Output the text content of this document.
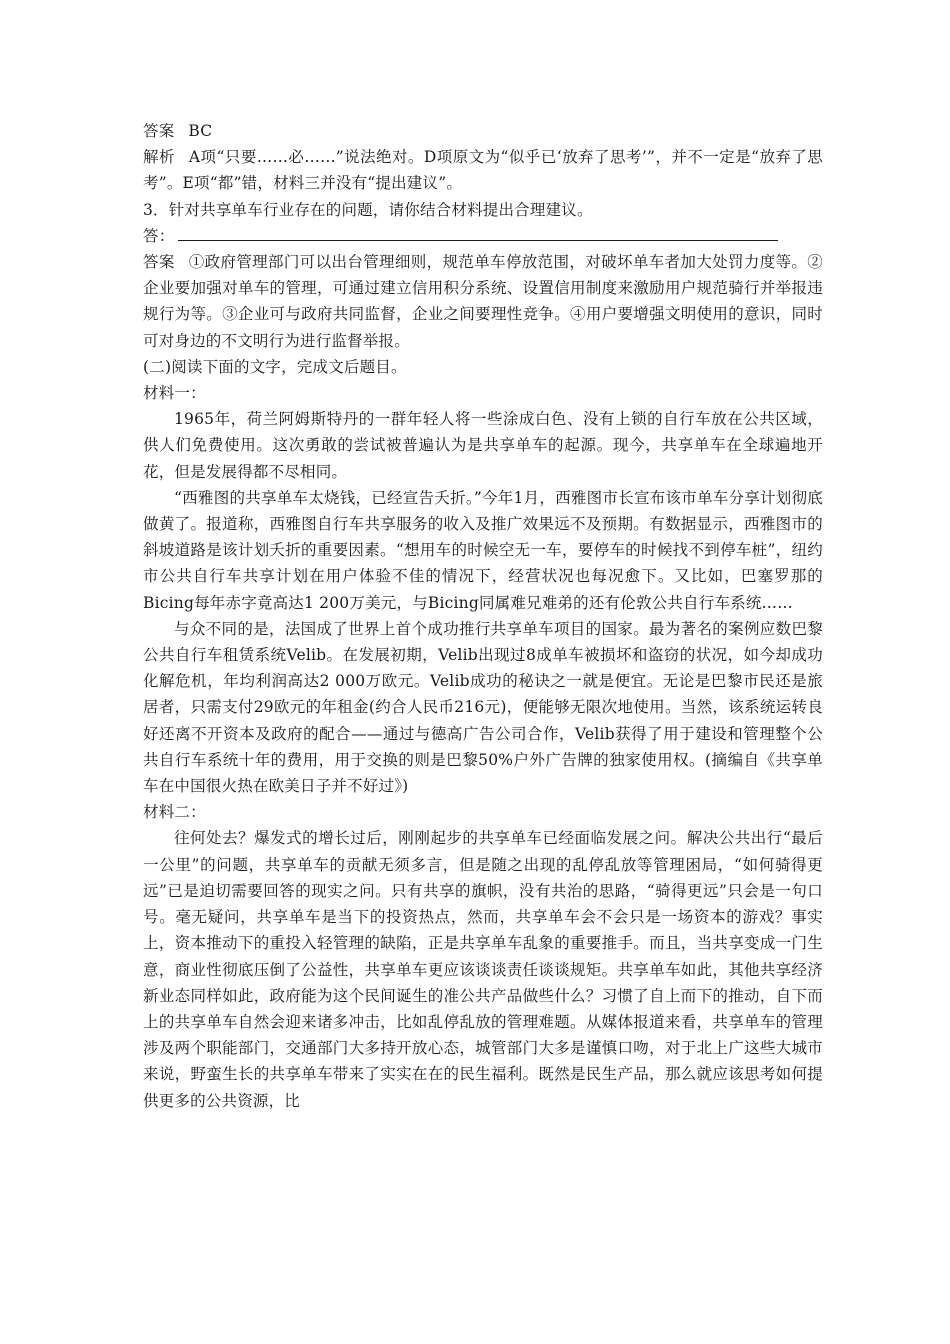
答案 BC

解析 A项“只要……必……”说法绝对。D项原文为“似乎已‘放弃了思考’”，并不一定是“放弃了思考”。E项“都”错，材料三并没有“提出建议”。

3．针对共享单车行业存在的问题，请你结合材料提出合理建议。

答：

答案 ①政府管理部门可以出台管理细则，规范单车停放范围，对破坏单车者加大处罚力度等。②企业要加强对单车的管理，可通过建立信用积分系统、设置信用制度来激励用户规范骑行并举报违规行为等。③企业可与政府共同监督，企业之间要理性竞争。④用户要增强文明使用的意识，同时可对身边的不文明行为进行监督举报。

(二)阅读下面的文字，完成文后题目。

材料一：

1965年，荷兰阿姆斯特丹的一群年轻人将一些涂成白色、没有上锁的自行车放在公共区域，供人们免费使用。这次勇敢的尝试被普遍认为是共享单车的起源。现今，共享单车在全球遍地开花，但是发展得都不尽相同。

“西雅图的共享单车太烧钱，已经宣告夭折。”今年1月，西雅图市长宣布该市单车分享计划彻底做黄了。报道称，西雅图自行车共享服务的收入及推广效果远不及预期。有数据显示，西雅图市的斜坡道路是该计划夭折的重要因素。“想用车的时候空无一车，要停车的时候找不到停车桩”，纽约市公共自行车共享计划在用户体验不佳的情况下，经营状况也每况愈下。又比如，巴塞罗那的Bicing每年赤字竟高达1 200万美元，与Bicing同属难兄难弟的还有伦敦公共自行车系统……

与众不同的是，法国成了世界上首个成功推行共享单车项目的国家。最为著名的案例应数巴黎公共自行车租赁系统Velib。在发展初期，Velib出现过8成单车被损坏和盗窃的状况，如今却成功化解危机，年均利润高达2 000万欧元。Velib成功的秘诀之一就是便宜。无论是巴黎市民还是旅居者，只需支付29欧元的年租金(约合人民币216元)，便能够无限次地使用。当然，该系统运转良好还离不开资本及政府的配合——通过与德高广告公司合作，Velib获得了用于建设和管理整个公共自行车系统十年的费用，用于交换的则是巴黎50%户外广告牌的独家使用权。(摘编自《共享单车在中国很火热在欧美日子并不好过》)

材料二：

往何处去？爆发式的增长过后，刚刚起步的共享单车已经面临发展之问。解决公共出行“最后一公里”的问题，共享单车的贡献无须多言，但是随之出现的乱停乱放等管理困局，“如何骑得更远”已是迫切需要回答的现实之问。只有共享的旗帜，没有共治的思路，“骑得更远”只会是一句口号。毫无疑问，共享单车是当下的投资热点，然而，共享单车会不会只是一场资本的游戏？事实上，资本推动下的重投入轻管理的缺陷，正是共享单车乱象的重要推手。而且，当共享变成一门生意，商业性彻底压倒了公益性，共享单车更应该谈谈责任谈谈规矩。共享单车如此，其他共享经济新业态同样如此，政府能为这个民间诞生的准公共产品做些什么？习惯了自上而下的推动，自下而上的共享单车自然会迎来诸多冲击，比如乱停乱放的管理难题。从媒体报道来看，共享单车的管理涉及两个职能部门，交通部门大多持开放心态，城管部门大多是谨慎口吻，对于北上广这些大城市来说，野蛮生长的共享单车带来了实实在在的民生福利。既然是民生产品，那么就应该思考如何提供更多的公共资源，比
